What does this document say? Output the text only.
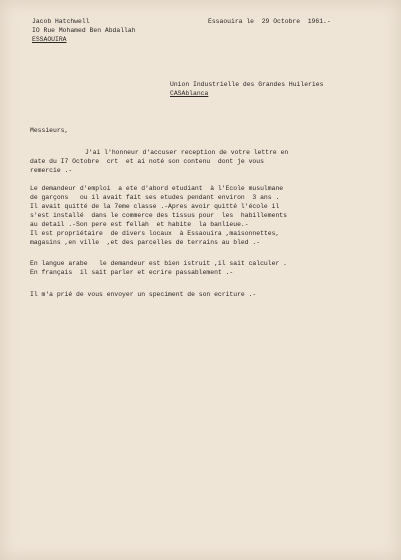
Jacob Hatchwell
IO Rue Mohamed Ben Abdallah
ESSAOUIRA
Essaouira le  29 Octobre  1961.-
Union Industrielle des Grandes Huileries
CASAblanca
Messieurs,
J'ai l'honneur d'accuser reception de votre lettre en
date du I7 Octobre  crt  et ai noté son contenu  dont je vous
remercie .-
Le demandeur d'emploi  a ete d'abord etudiant  à l'Ecole musulmane
de garçons   ou il avait fait ses etudes pendant environ  3 ans .
Il avait quitté de la 7eme classe .-Apres avoir quitté l'école il
s'est installé  dans le commerce des tissus pour  les  habillements
au detail .-Son pere est fellah  et habite  la banlieue.-
Il est propriétaire  de divers locaux  à Essaouira ,maisonnettes,
magasins ,en ville  ,et des parcelles de terrains au bled .-
En langue arabe   le demandeur est bien istruit ,il sait calculer .
En français  il sait parler et ecrire passablement .-
Il m'a prié de vous envoyer un speciment de son ecriture .-
